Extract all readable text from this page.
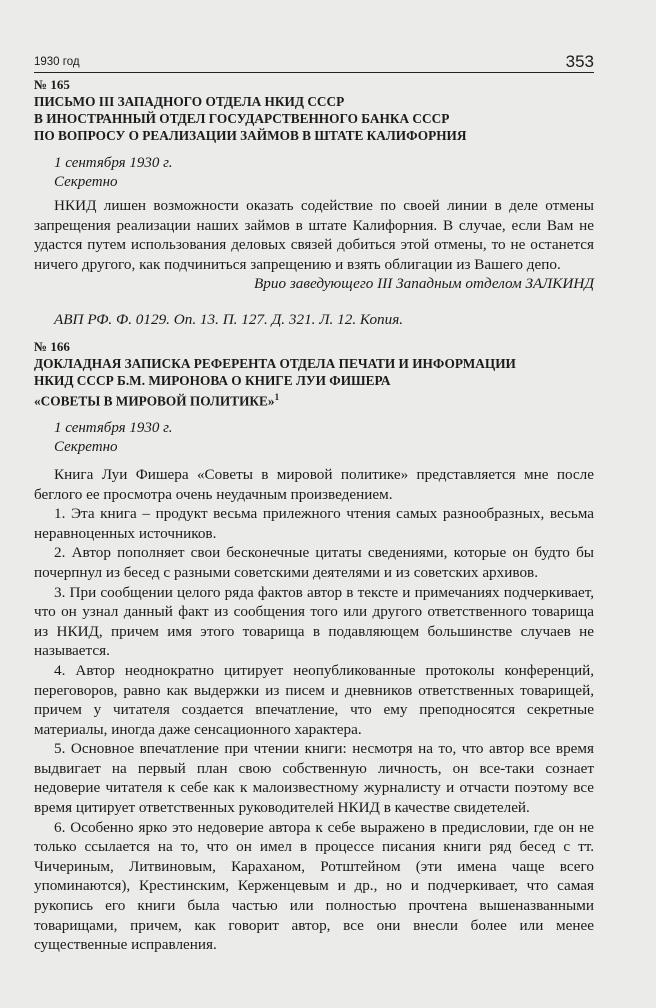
1930 год	353
№ 165
ПИСЬМО III ЗАПАДНОГО ОТДЕЛА НКИД СССР
В ИНОСТРАННЫЙ ОТДЕЛ ГОСУДАРСТВЕННОГО БАНКА СССР
ПО ВОПРОСУ О РЕАЛИЗАЦИИ ЗАЙМОВ В ШТАТЕ КАЛИФОРНИЯ
1 сентября 1930 г.
Секретно

НКИД лишен возможности оказать содействие по своей линии в деле отмены запрещения реализации наших займов в штате Калифорния. В случае, если Вам не удастся путем использования деловых связей добиться этой отмены, то не останется ничего другого, как подчиниться запрещению и взять облигации из Вашего депо.

Врио заведующего III Западным отделом ЗАЛКИНД

АВП РФ. Ф. 0129. Оп. 13. П. 127. Д. 321. Л. 12. Копия.

№ 166
ДОКЛАДНАЯ ЗАПИСКА РЕФЕРЕНТА ОТДЕЛА ПЕЧАТИ И ИНФОРМАЦИИ
НКИД СССР Б.М. МИРОНОВА О КНИГЕ ЛУИ ФИШЕРА
«СОВЕТЫ В МИРОВОЙ ПОЛИТИКЕ»$^1$
1 сентября 1930 г.
Секретно

Книга Луи Фишера «Советы в мировой политике» представляется мне после беглого ее просмотра очень неудачным произведением.

1. Эта книга – продукт весьма прилежного чтения самых разнообразных, весьма неравноценных источников.

2. Автор пополняет свои бесконечные цитаты сведениями, которые он будто бы почерпнул из бесед с разными советскими деятелями и из советских архивов.

3. При сообщении целого ряда фактов автор в тексте и примечаниях подчеркивает, что он узнал данный факт из сообщения того или другого ответственного товарища из НКИД, причем имя этого товарища в подавляющем большинстве случаев не называется.

4. Автор неоднократно цитирует неопубликованные протоколы конференций, переговоров, равно как выдержки из писем и дневников ответственных товарищей, причем у читателя создается впечатление, что ему преподносятся секретные материалы, иногда даже сенсационного характера.

5. Основное впечатление при чтении книги: несмотря на то, что автор все время выдвигает на первый план свою собственную личность, он все-таки сознает недоверие читателя к себе как к малоизвестному журналисту и отчасти поэтому все время цитирует ответственных руководителей НКИД в качестве свидетелей.

6. Особенно ярко это недоверие автора к себе выражено в предисловии, где он не только ссылается на то, что он имел в процессе писания книги ряд бесед с тт. Чичериным, Литвиновым, Караханом, Ротштейном (эти имена чаще всего упоминаются), Крестинским, Керженцевым и др., но и подчеркивает, что самая рукопись его книги была частью или полностью прочтена вышеназванными товарищами, причем, как говорит автор, все они внесли более или менее существенные исправления.
